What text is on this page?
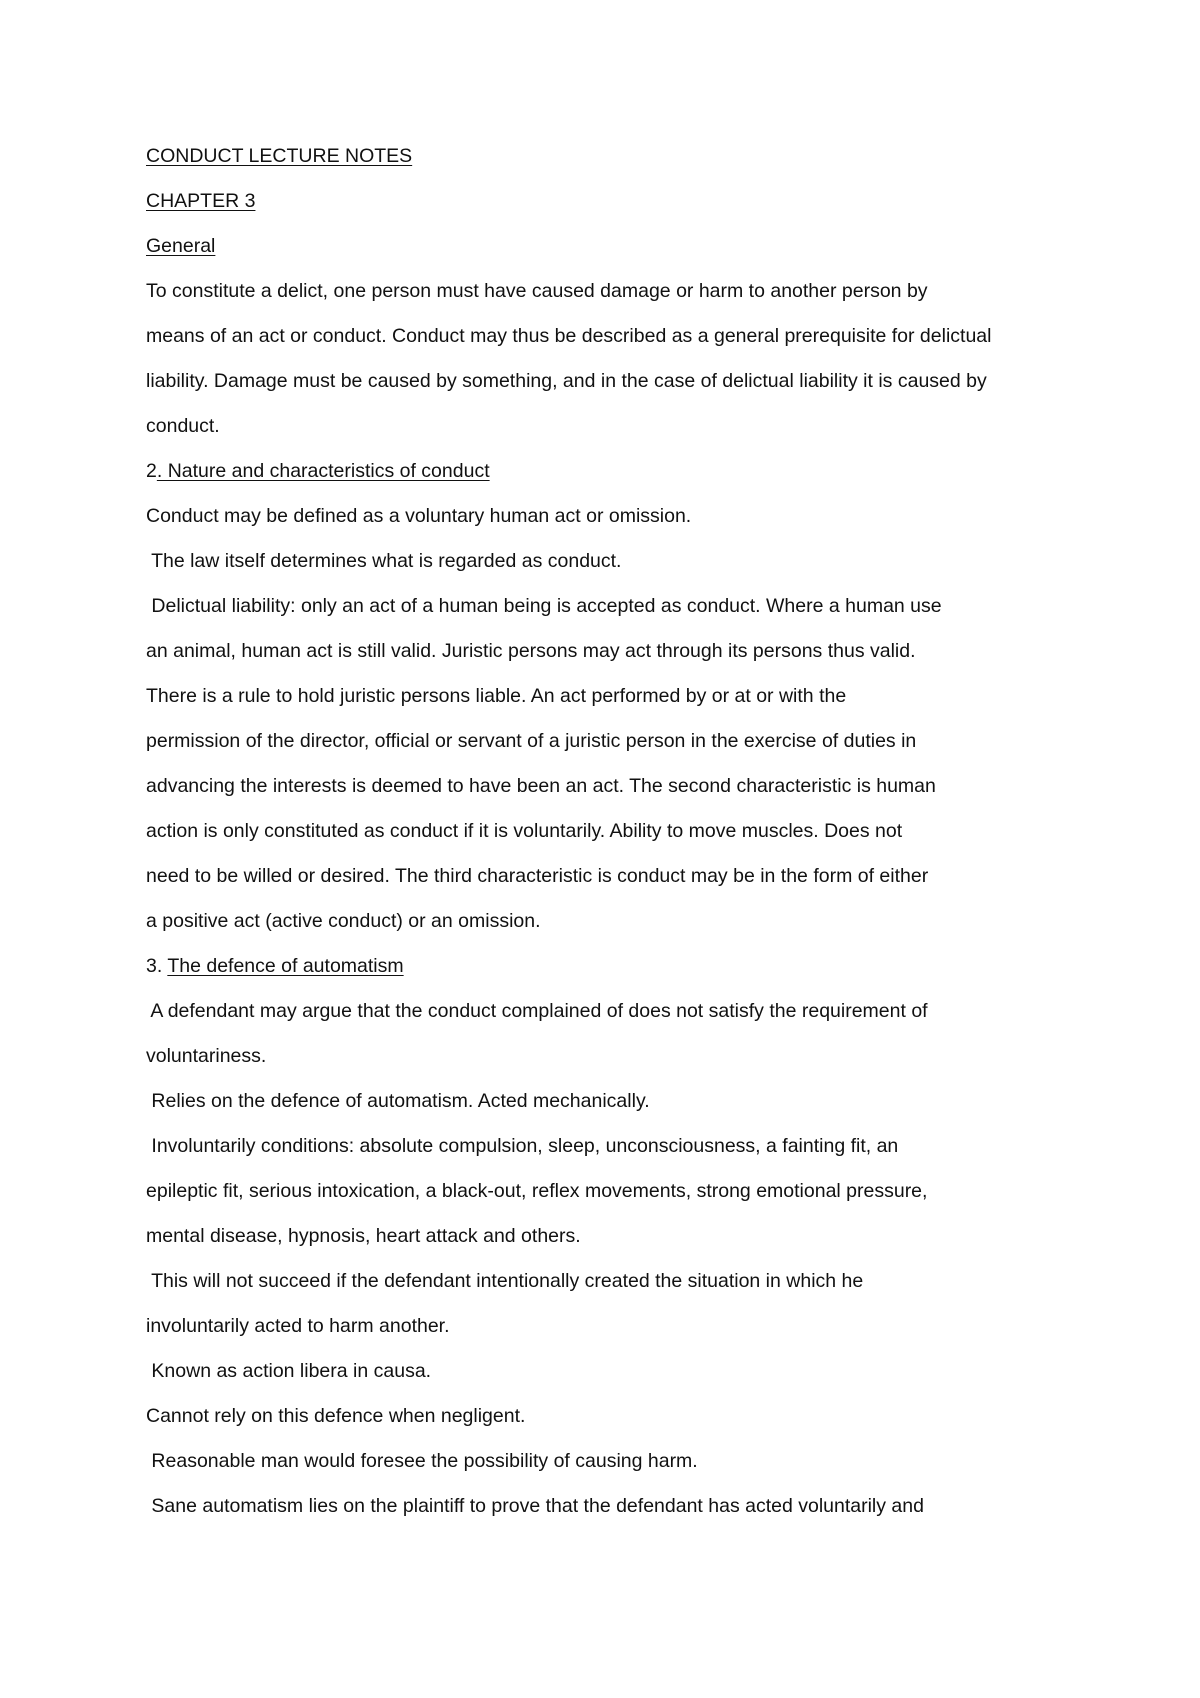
CONDUCT LECTURE NOTES
CHAPTER 3
General
To constitute a delict, one person must have caused damage or harm to another person by
means of an act or conduct. Conduct may thus be described as a general prerequisite for delictual
liability. Damage must be caused by something, and in the case of delictual liability it is caused by
conduct.
2. Nature and characteristics of conduct
Conduct may be defined as a voluntary human act or omission.
The law itself determines what is regarded as conduct.
Delictual liability: only an act of a human being is accepted as conduct. Where a human use
an animal, human act is still valid. Juristic persons may act through its persons thus valid.
There is a rule to hold juristic persons liable. An act performed by or at or with the
permission of the director, official or servant of a juristic person in the exercise of duties in
advancing the interests is deemed to have been an act. The second characteristic is human
action is only constituted as conduct if it is voluntarily. Ability to move muscles. Does not
need to be willed or desired. The third characteristic is conduct may be in the form of either
a positive act (active conduct) or an omission.
3. The defence of automatism
A defendant may argue that the conduct complained of does not satisfy the requirement of
voluntariness.
Relies on the defence of automatism. Acted mechanically.
Involuntarily conditions: absolute compulsion, sleep, unconsciousness, a fainting fit, an
epileptic fit, serious intoxication, a black-out, reflex movements, strong emotional pressure,
mental disease, hypnosis, heart attack and others.
This will not succeed if the defendant intentionally created the situation in which he
involuntarily acted to harm another.
Known as action libera in causa.
Cannot rely on this defence when negligent.
Reasonable man would foresee the possibility of causing harm.
Sane automatism lies on the plaintiff to prove that the defendant has acted voluntarily and
